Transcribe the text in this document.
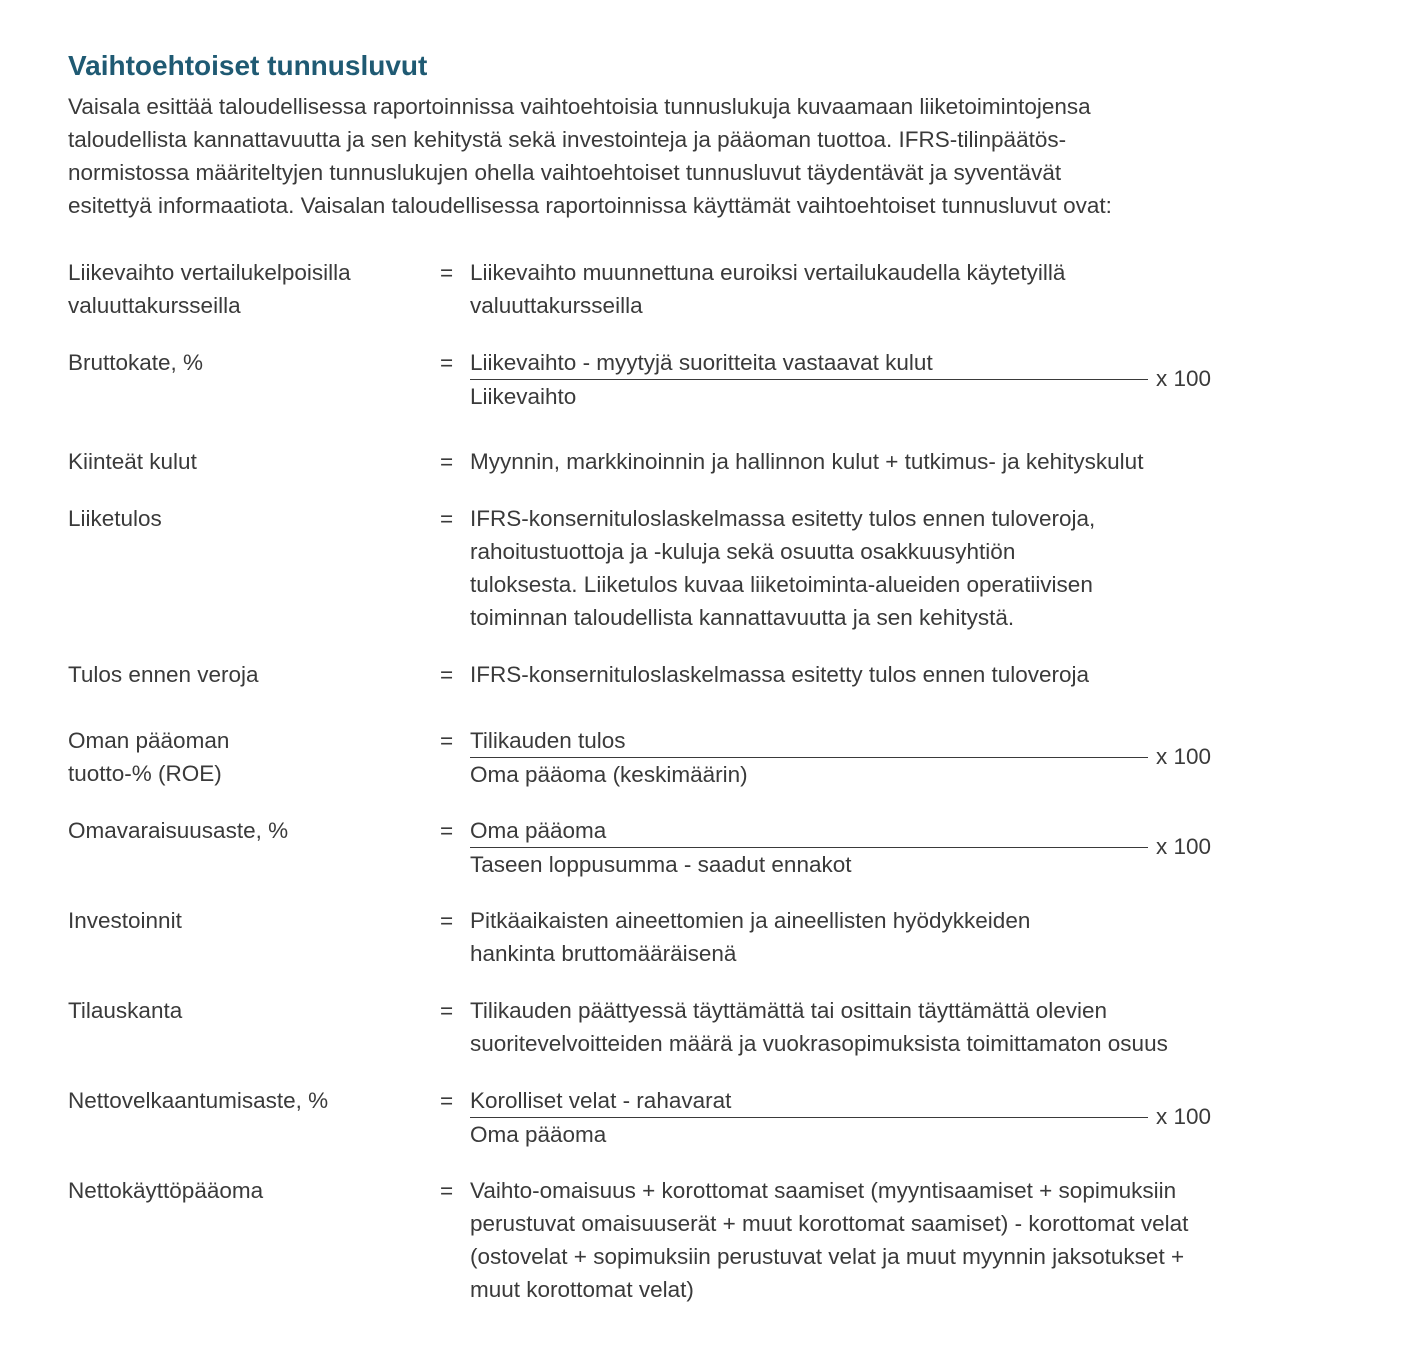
Vaihtoehtoiset tunnusluvut

Vaisala esittää taloudellisessa raportoinnissa vaihtoehtoisia tunnuslukuja kuvaamaan liiketoimintojensa
taloudellista kannattavuutta ja sen kehitystä sekä investointeja ja pääoman tuottoa. IFRS-tilinpäätös-
normistossa määriteltyjen tunnuslukujen ohella vaihtoehtoiset tunnusluvut täydentävät ja syventävät
esitettyä informaatiota. Vaisalan taloudellisessa raportoinnissa käyttämät vaihtoehtoiset tunnusluvut ovat:

Liikevaihto vertailukelpoisilla
valuuttakursseilla
= Liikevaihto muunnettuna euroiksi vertailukaudella käytetyillä
valuuttakursseilla
Bruttokate, %	= Liikevaihto - myytyjä suoritteita vastaavat kulut
Liikevaihto
x 100
Kiinteät kulut	= Myynnin, markkinoinnin ja hallinnon kulut + tutkimus- ja kehityskulut
Liiketulos	= IFRS-konsernituloslaskelmassa esitetty tulos ennen tuloveroja,
rahoitustuottoja ja -kuluja sekä osuutta osakkuusyhtiön
tuloksesta. Liiketulos kuvaa liiketoiminta-alueiden operatiivisen
toiminnan taloudellista kannattavuutta ja sen kehitystä.
Tulos ennen veroja	= IFRS-konsernituloslaskelmassa esitetty tulos ennen tuloveroja
Oman pääoman
tuotto-% (ROE)
= Tilikauden tulos
Oma pääoma (keskimäärin)
x 100
Omavaraisuusaste, %	= Oma pääoma
Taseen loppusumma - saadut ennakot
x 100
Investoinnit	= Pitkäaikaisten aineettomien ja aineellisten hyödykkeiden
hankinta bruttomääräisenä
Tilauskanta	= Tilikauden päättyessä täyttämättä tai osittain täyttämättä olevien
suoritevelvoitteiden määrä ja vuokrasopimuksista toimittamaton osuus
Nettovelkaantumisaste, %	= Korolliset velat - rahavarat
Oma pääoma
x 100
Nettokäyttöpääoma	= Vaihto-omaisuus + korottomat saamiset (myyntisaamiset + sopimuksiin
perustuvat omaisuuserät + muut korottomat saamiset) - korottomat velat
(ostovelat + sopimuksiin perustuvat velat ja muut myynnin jaksotukset +
muut korottomat velat)
